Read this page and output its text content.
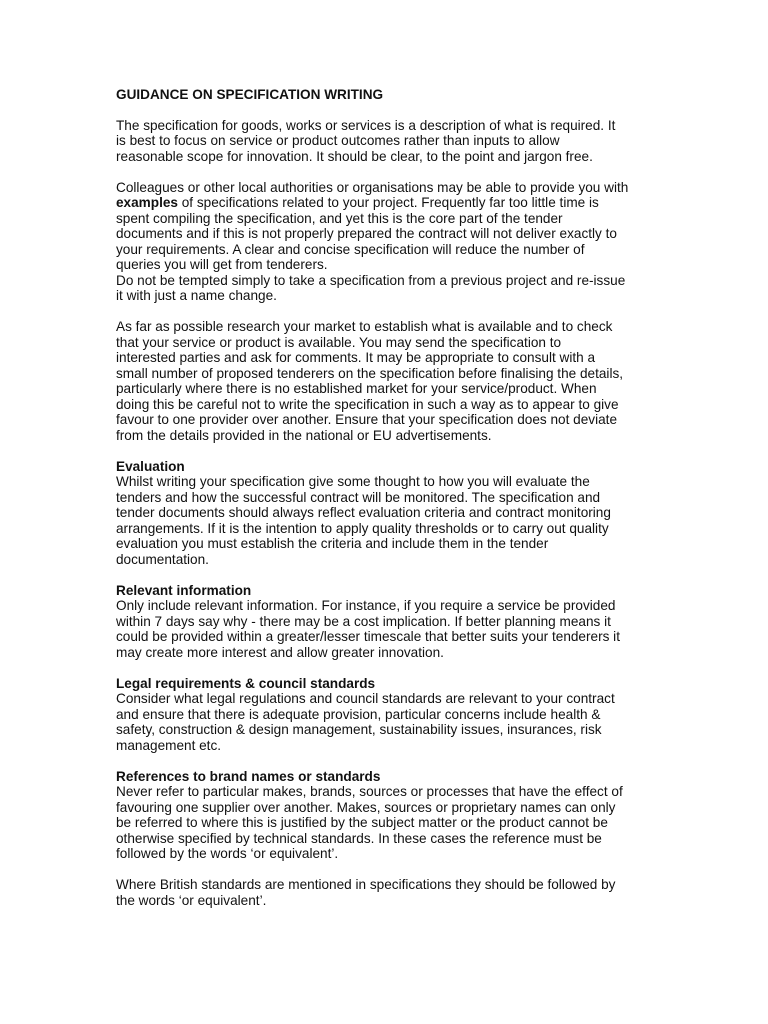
GUIDANCE ON SPECIFICATION WRITING
The specification for goods, works or services is a description of what is required. It
is best to focus on service or product outcomes rather than inputs to allow
reasonable scope for innovation. It should be clear, to the point and jargon free.
Colleagues or other local authorities or organisations may be able to provide you with
examples of specifications related to your project. Frequently far too little time is
spent compiling the specification, and yet this is the core part of the tender
documents and if this is not properly prepared the contract will not deliver exactly to
your requirements. A clear and concise specification will reduce the number of
queries you will get from tenderers.
Do not be tempted simply to take a specification from a previous project and re-issue
it with just a name change.
As far as possible research your market to establish what is available and to check
that your service or product is available. You may send the specification to
interested parties and ask for comments. It may be appropriate to consult with a
small number of proposed tenderers on the specification before finalising the details,
particularly where there is no established market for your service/product. When
doing this be careful not to write the specification in such a way as to appear to give
favour to one provider over another. Ensure that your specification does not deviate
from the details provided in the national or EU advertisements.
Evaluation
Whilst writing your specification give some thought to how you will evaluate the
tenders and how the successful contract will be monitored. The specification and
tender documents should always reflect evaluation criteria and contract monitoring
arrangements. If it is the intention to apply quality thresholds or to carry out quality
evaluation you must establish the criteria and include them in the tender
documentation.
Relevant information
Only include relevant information. For instance, if you require a service be provided
within 7 days say why - there may be a cost implication. If better planning means it
could be provided within a greater/lesser timescale that better suits your tenderers it
may create more interest and allow greater innovation.
Legal requirements & council standards
Consider what legal regulations and council standards are relevant to your contract
and ensure that there is adequate provision, particular concerns include health &
safety, construction & design management, sustainability issues, insurances, risk
management etc.
References to brand names or standards
Never refer to particular makes, brands, sources or processes that have the effect of
favouring one supplier over another. Makes, sources or proprietary names can only
be referred to where this is justified by the subject matter or the product cannot be
otherwise specified by technical standards. In these cases the reference must be
followed by the words ‘or equivalent’.
Where British standards are mentioned in specifications they should be followed by
the words ‘or equivalent’.
